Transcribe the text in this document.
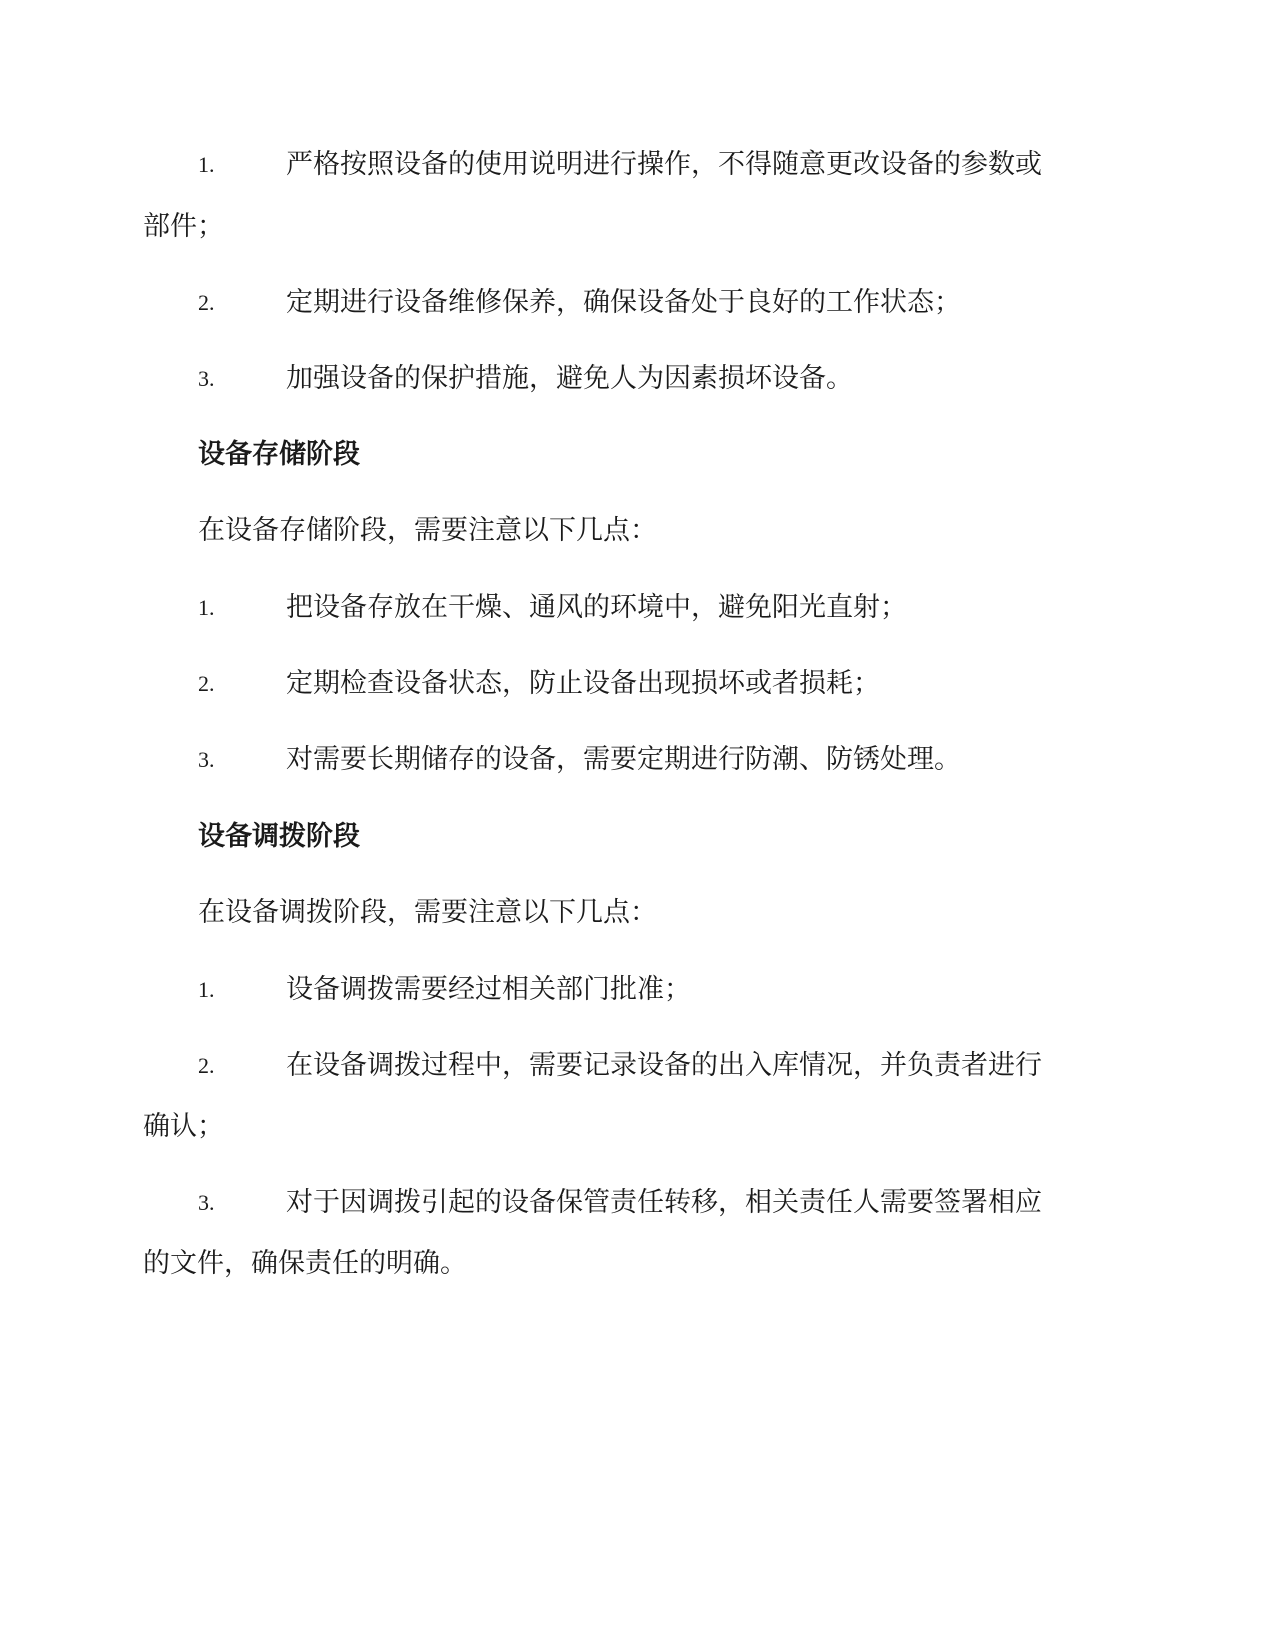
1.	严格按照设备的使用说明进行操作，不得随意更改设备的参数或
部件；
2.	定期进行设备维修保养，确保设备处于良好的工作状态；
3.	加强设备的保护措施，避免人为因素损坏设备。
设备存储阶段
在设备存储阶段，需要注意以下几点：
1.	把设备存放在干燥、通风的环境中，避免阳光直射；
2.	定期检查设备状态，防止设备出现损坏或者损耗；
3.	对需要长期储存的设备，需要定期进行防潮、防锈处理。
设备调拨阶段
在设备调拨阶段，需要注意以下几点：
1.	设备调拨需要经过相关部门批准；
2.	在设备调拨过程中，需要记录设备的出入库情况，并负责者进行
确认；
3.	对于因调拨引起的设备保管责任转移，相关责任人需要签署相应
的文件，确保责任的明确。
